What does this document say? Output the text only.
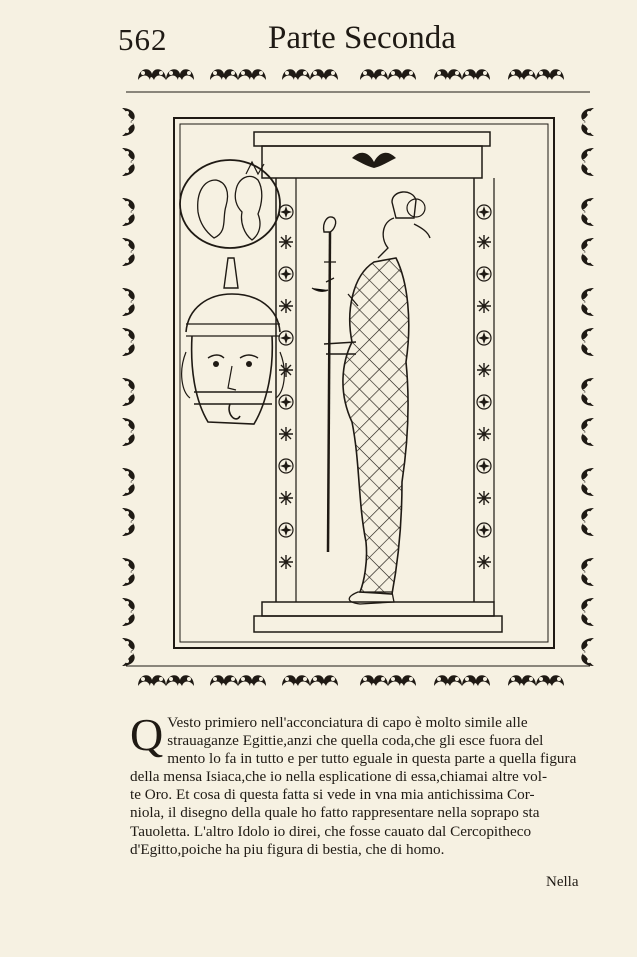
562	Parte Seconda
Q Vesto primiero nell'acconciatura di capo è molto simile alle
strauaganze Egittie,anzi che quella coda,che gli esce fuora del
mento lo fa in tutto e per tutto eguale in questa parte a quella figura
della mensa Isiaca,che io nella esplicatione di essa,chiamai altre vol-
te Oro. Et cosa di questa fatta si vede in vna mia antichissima Cor-
niola, il disegno della quale ho fatto rappresentare nella soprapo sta
Tauoletta. L'altro Idolo io direi, che fosse cauato dal Cercopitheco
d'Egitto,poiche ha piu figura di bestia, che di homo.
Nella
